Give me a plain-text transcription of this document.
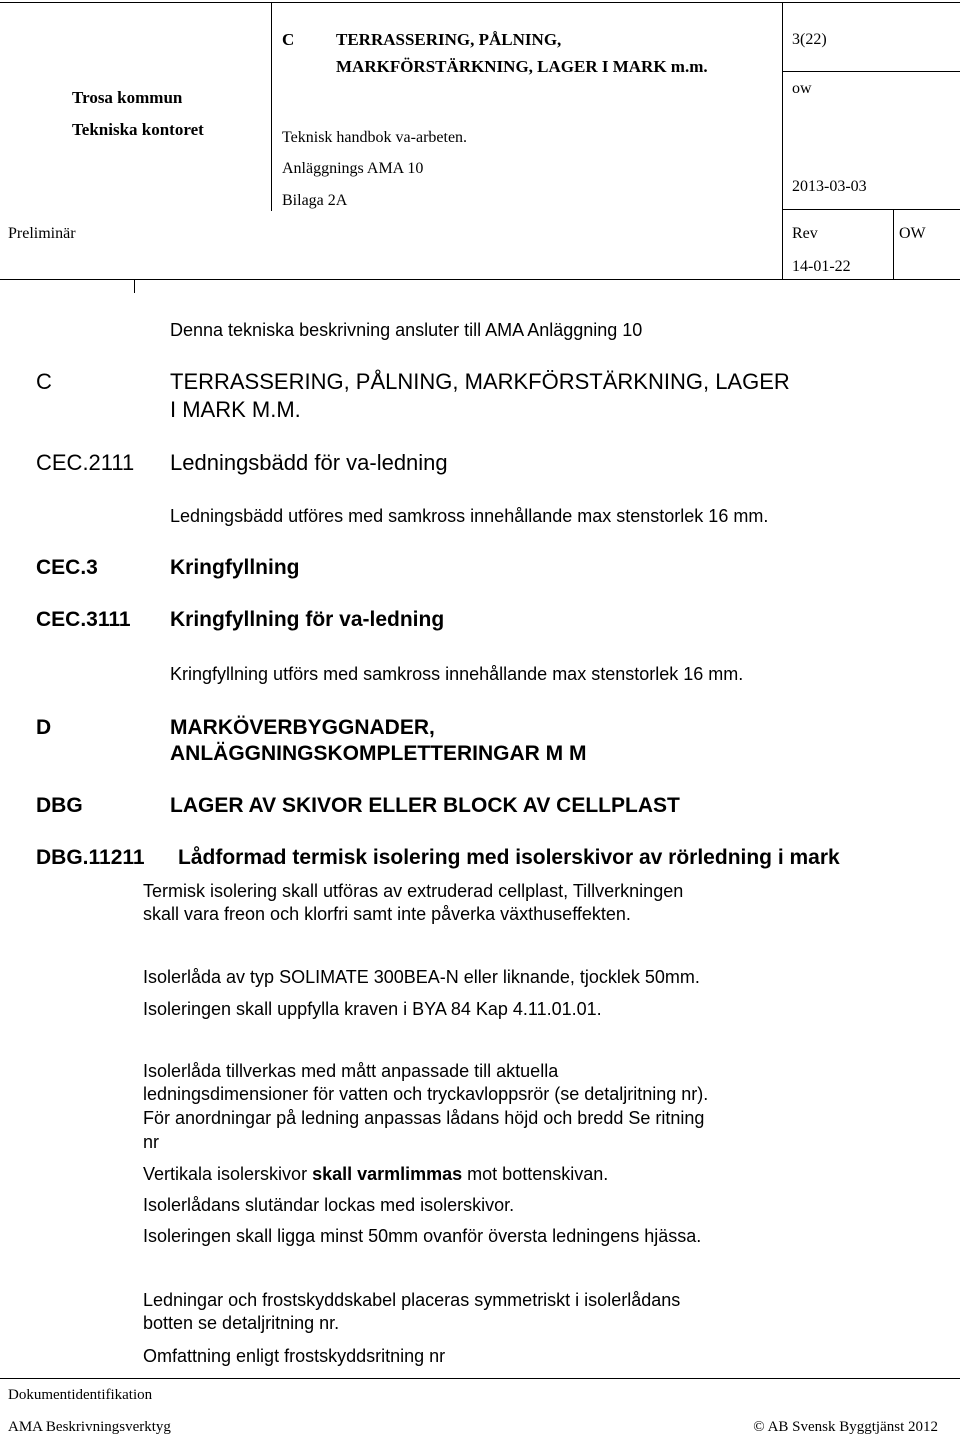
Trosa kommun
Tekniska kontoret
C TERRASSERING, PÅLNING,
MARKFÖRSTÄRKNING, LAGER I MARK m.m.
Teknisk handbok va-arbeten.
Anläggnings AMA 10
Bilaga 2A
3(22)
ow
2013-03-03
Preliminär	Rev	OW
14-01-22
Denna tekniska beskrivning ansluter till AMA Anläggning 10
C	TERRASSERING, PÅLNING, MARKFÖRSTÄRKNING, LAGER
I MARK M.M.
CEC.2111 Ledningsbädd för va-ledning
Ledningsbädd utföres med samkross innehållande max stenstorlek 16 mm.
CEC.3	Kringfyllning
CEC.3111 Kringfyllning för va-ledning
Kringfyllning utförs med samkross innehållande max stenstorlek 16 mm.
D	MARKÖVERBYGGNADER,
ANLÄGGNINGSKOMPLETTERINGAR M M
DBG	LAGER AV SKIVOR ELLER BLOCK AV CELLPLAST
DBG.11211 Lådformad termisk isolering med isolerskivor av rörledning i mark
Termisk isolering skall utföras av extruderad cellplast, Tillverkningen
skall vara freon och klorfri samt inte påverka växthuseffekten.
Isolerlåda av typ SOLIMATE 300BEA-N eller liknande, tjocklek 50mm.
Isoleringen skall uppfylla kraven i BYA 84 Kap 4.11.01.01.
Isolerlåda tillverkas med mått anpassade till aktuella
ledningsdimensioner för vatten och tryckavloppsrör (se detaljritning nr).
För anordningar på ledning anpassas lådans höjd och bredd Se ritning
nr
Vertikala isolerskivor skall varmlimmas mot bottenskivan.
Isolerlådans slutändar lockas med isolerskivor.
Isoleringen skall ligga minst 50mm ovanför översta ledningens hjässa.
Ledningar och frostskyddskabel placeras symmetriskt i isolerlådans
botten se detaljritning nr.
Omfattning enligt frostskyddsritning nr
Dokumentidentifikation
AMA Beskrivningsverktyg	© AB Svensk Byggtjänst 2012
